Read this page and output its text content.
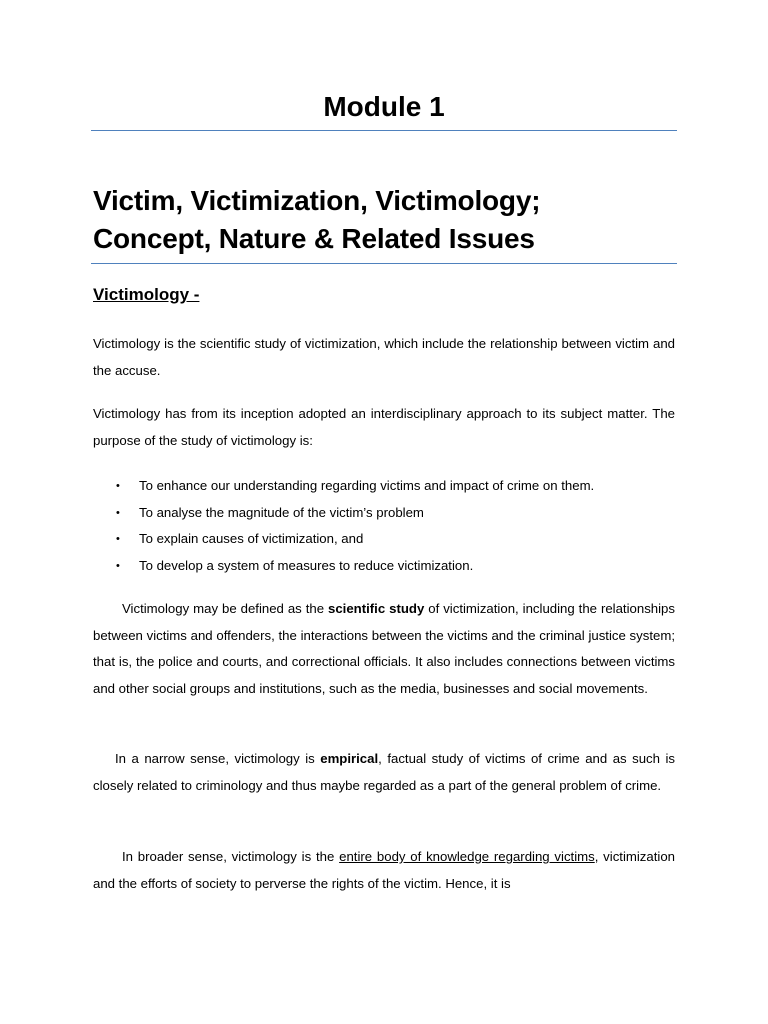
Module 1
Victim, Victimization, Victimology;
Concept, Nature & Related Issues
Victimology -

Victimology is the scientific study of victimization, which include the relationship between victim and the accuse.

Victimology has from its inception adopted an interdisciplinary approach to its subject matter. The purpose of the study of victimology is:

• To enhance our understanding regarding victims and impact of crime on them.
• To analyse the magnitude of the victim’s problem
• To explain causes of victimization, and
• To develop a system of measures to reduce victimization.

Victimology may be defined as the scientific study of victimization, including the relationships between victims and offenders, the interactions between the victims and the criminal justice system; that is, the police and courts, and correctional officials. It also includes connections between victims and other social groups and institutions, such as the media, businesses and social movements.

In a narrow sense, victimology is empirical, factual study of victims of crime and as such is closely related to criminology and thus maybe regarded as a part of the general problem of crime.

In broader sense, victimology is the entire body of knowledge regarding victims, victimization and the efforts of society to perverse the rights of the victim. Hence, it is
